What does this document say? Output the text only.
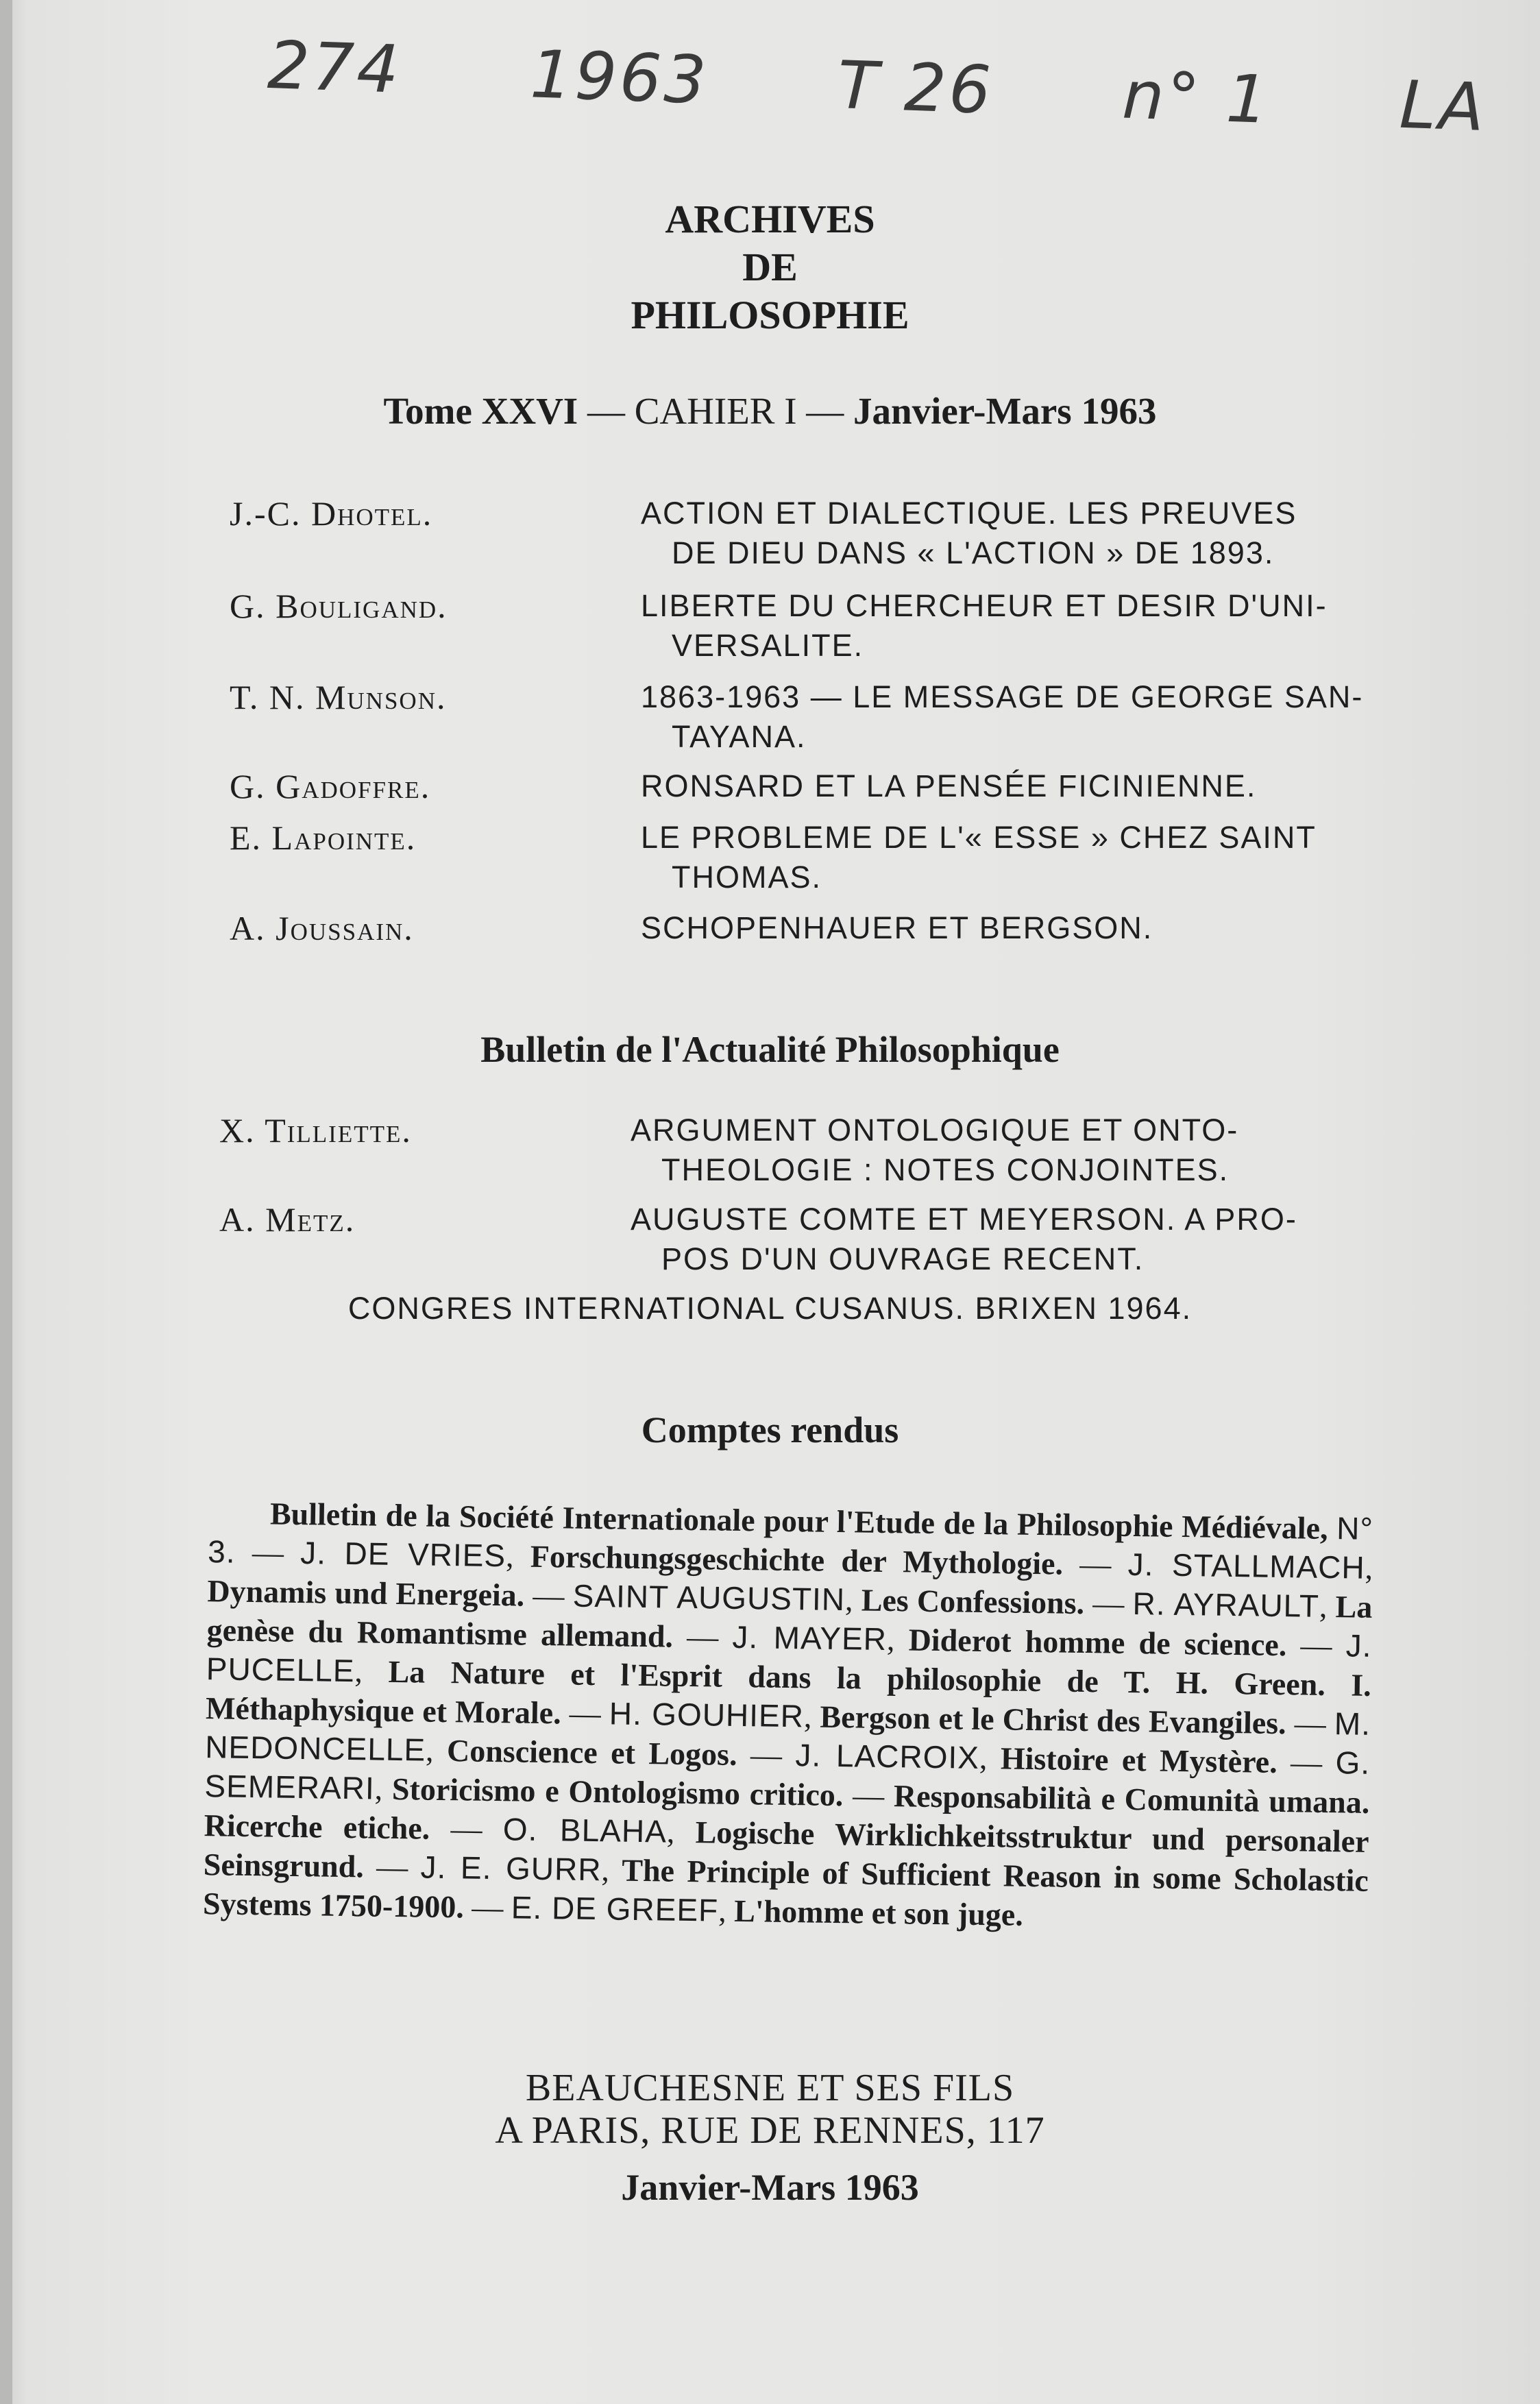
274 1963 T 26 n° 1 LA
ARCHIVES
DE
PHILOSOPHIE
Tome XXVI — CAHIER I — Janvier-Mars 1963
J.-C. Dhotel.	ACTION ET DIALECTIQUE. LES PREUVES
DE DIEU DANS « L'ACTION » DE 1893.
G. Bouligand.	LIBERTE DU CHERCHEUR ET DESIR D'UNI-
VERSALITE.
T. N. Munson.	1863-1963 — LE MESSAGE DE GEORGE SAN-
TAYANA.
G. Gadoffre.	RONSARD ET LA PENSÉE FICINIENNE.
E. Lapointe.	LE PROBLEME DE L'« ESSE » CHEZ SAINT
THOMAS.
A. Joussain.	SCHOPENHAUER ET BERGSON.
Bulletin de l'Actualité Philosophique
X. Tilliette.	ARGUMENT ONTOLOGIQUE ET ONTO-
THEOLOGIE : NOTES CONJOINTES.
A. Metz.	AUGUSTE COMTE ET MEYERSON. A PRO-
POS D'UN OUVRAGE RECENT.
CONGRES INTERNATIONAL CUSANUS. BRIXEN 1964.
Comptes rendus

Bulletin de la Société Internationale pour l'Etude de la Philosophie Médiévale, N° 3. — J. DE VRIES, Forschungsgeschichte der Mythologie. — J. STALLMACH, Dynamis und Energeia. — SAINT AUGUSTIN, Les Confessions. — R. AYRAULT, La genèse du Romantisme allemand. — J. MAYER, Diderot homme de science. — J. PUCELLE, La Nature et l'Esprit dans la philosophie de T. H. Green. I. Méthaphysique et Morale. — H. GOUHIER, Bergson et le Christ des Evangiles. — M. NEDONCELLE, Conscience et Logos. — J. LACROIX, Histoire et Mystère. — G. SEMERARI, Storicismo e Ontologismo critico. — Responsabilità e Comunità umana. Ricerche etiche. — O. BLAHA, Logische Wirklichkeitsstruktur und personaler Seinsgrund. — J. E. GURR, The Principle of Sufficient Reason in some Scholastic Systems 1750-1900. — E. DE GREEF, L'homme et son juge.

BEAUCHESNE ET SES FILS
A PARIS, RUE DE RENNES, 117
Janvier-Mars 1963
